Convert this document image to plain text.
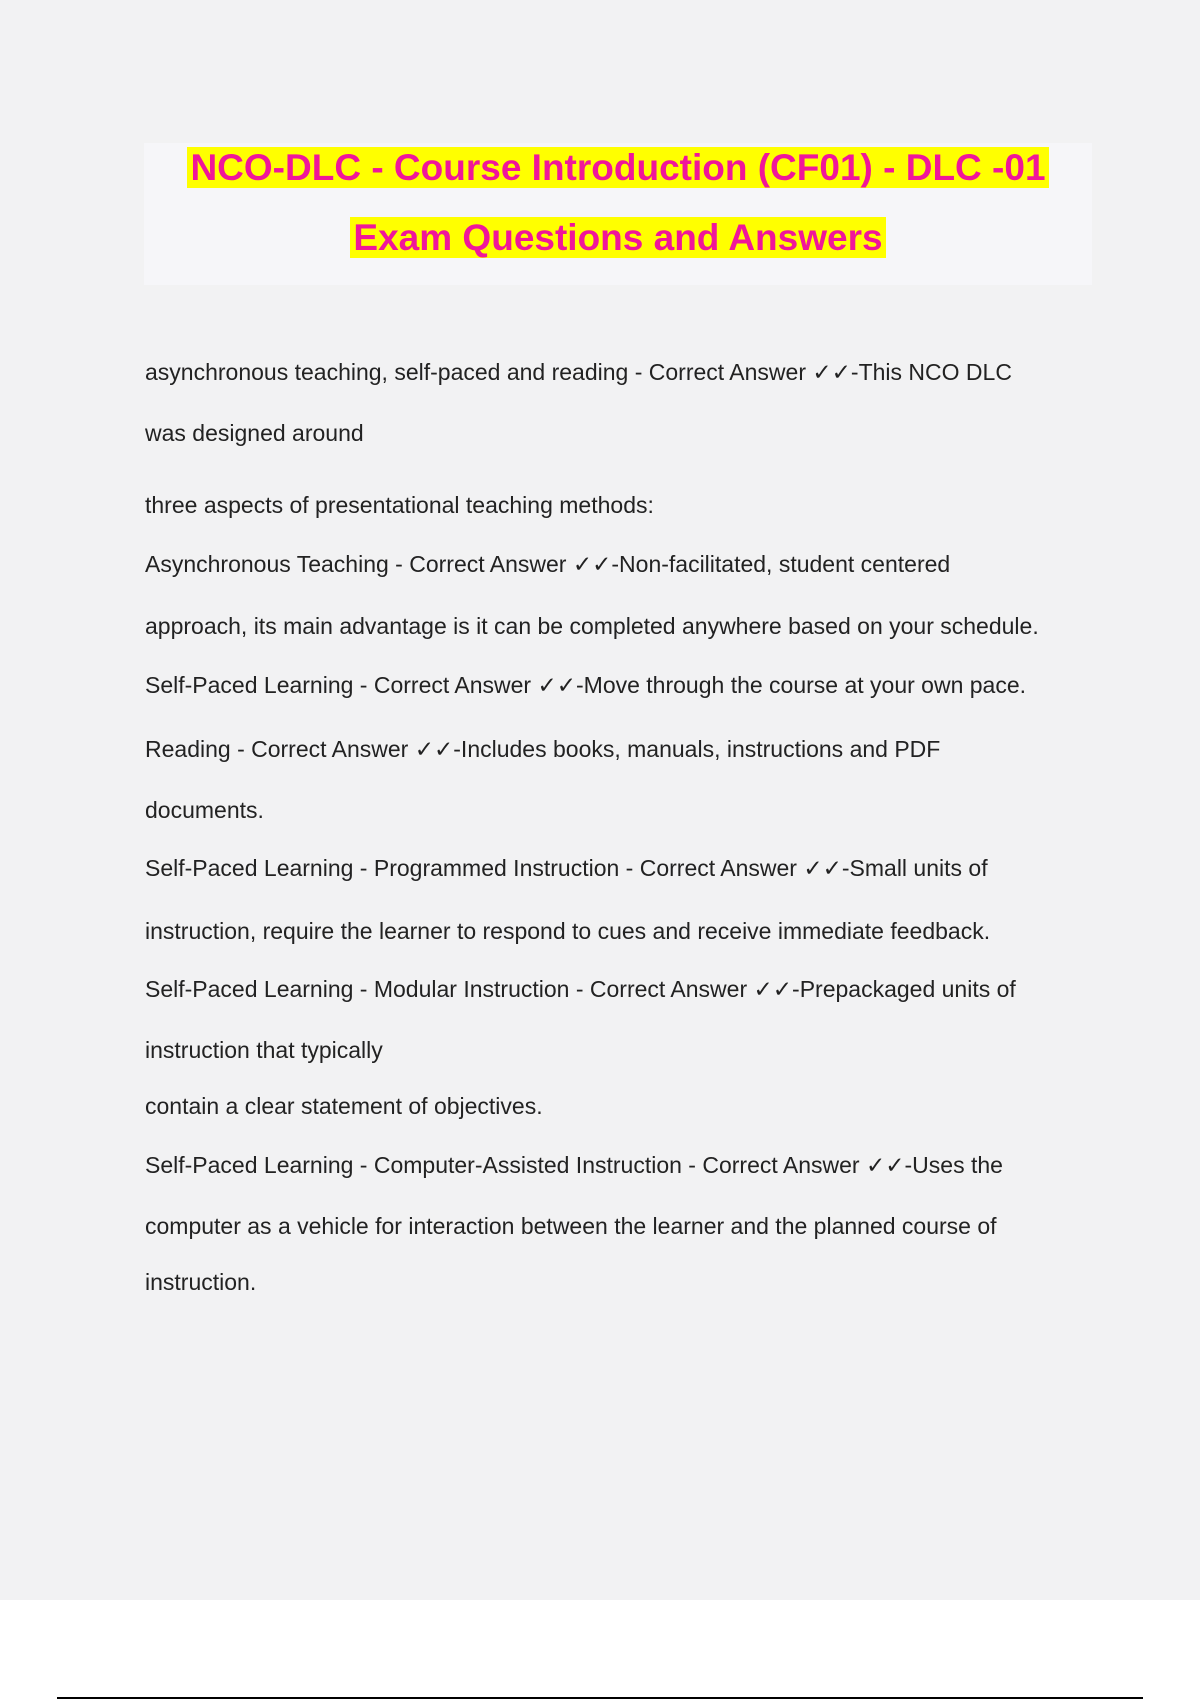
NCO-DLC - Course Introduction (CF01) - DLC -01
Exam Questions and Answers
asynchronous teaching, self-paced and reading - Correct Answer ✓✓-This NCO DLC
was designed around
three aspects of presentational teaching methods:
Asynchronous Teaching - Correct Answer ✓✓-Non-facilitated, student centered
approach, its main advantage is it can be completed anywhere based on your schedule.
Self-Paced Learning - Correct Answer ✓✓-Move through the course at your own pace.
Reading - Correct Answer ✓✓-Includes books, manuals, instructions and PDF
documents.
Self-Paced Learning - Programmed Instruction - Correct Answer ✓✓-Small units of
instruction, require the learner to respond to cues and receive immediate feedback.
Self-Paced Learning - Modular Instruction - Correct Answer ✓✓-Prepackaged units of
instruction that typically
contain a clear statement of objectives.
Self-Paced Learning - Computer-Assisted Instruction - Correct Answer ✓✓-Uses the
computer as a vehicle for interaction between the learner and the planned course of
instruction.
